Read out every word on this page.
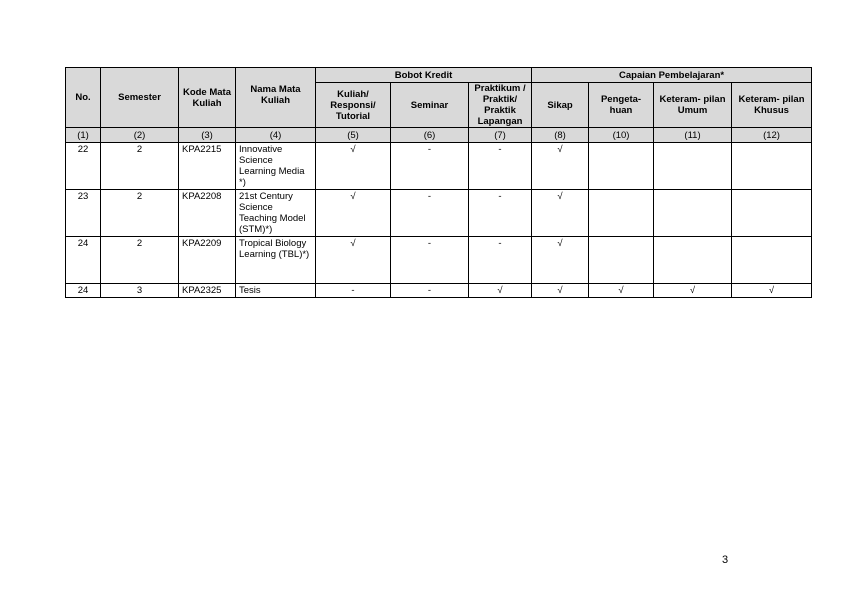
No.	Semester	Kode Mata Kuliah	Nama Mata Kuliah	Bobot Kredit			Capaian Pembelajaran*			
				Kuliah/ Responsi/ Tutorial	Seminar	Praktikum / Praktik/ Praktik Lapangan	Sikap	Pengeta- huan	Keteram- pilan Umum	Keteram- pilan Khusus
(1)	(2)	(3)	(4)	(5)	(6)	(7)	(8)	(10)	(11)	(12)
22	2	KPA2215	Innovative Science Learning Media *)	√	-	-	√			
23	2	KPA2208	21st Century Science Teaching Model (STM)*)	√	-	-	√			
24	2	KPA2209	Tropical Biology Learning (TBL)*)	√	-	-	√			
24	3	KPA2325	Tesis	-	-	√	√	√	√	√
3
